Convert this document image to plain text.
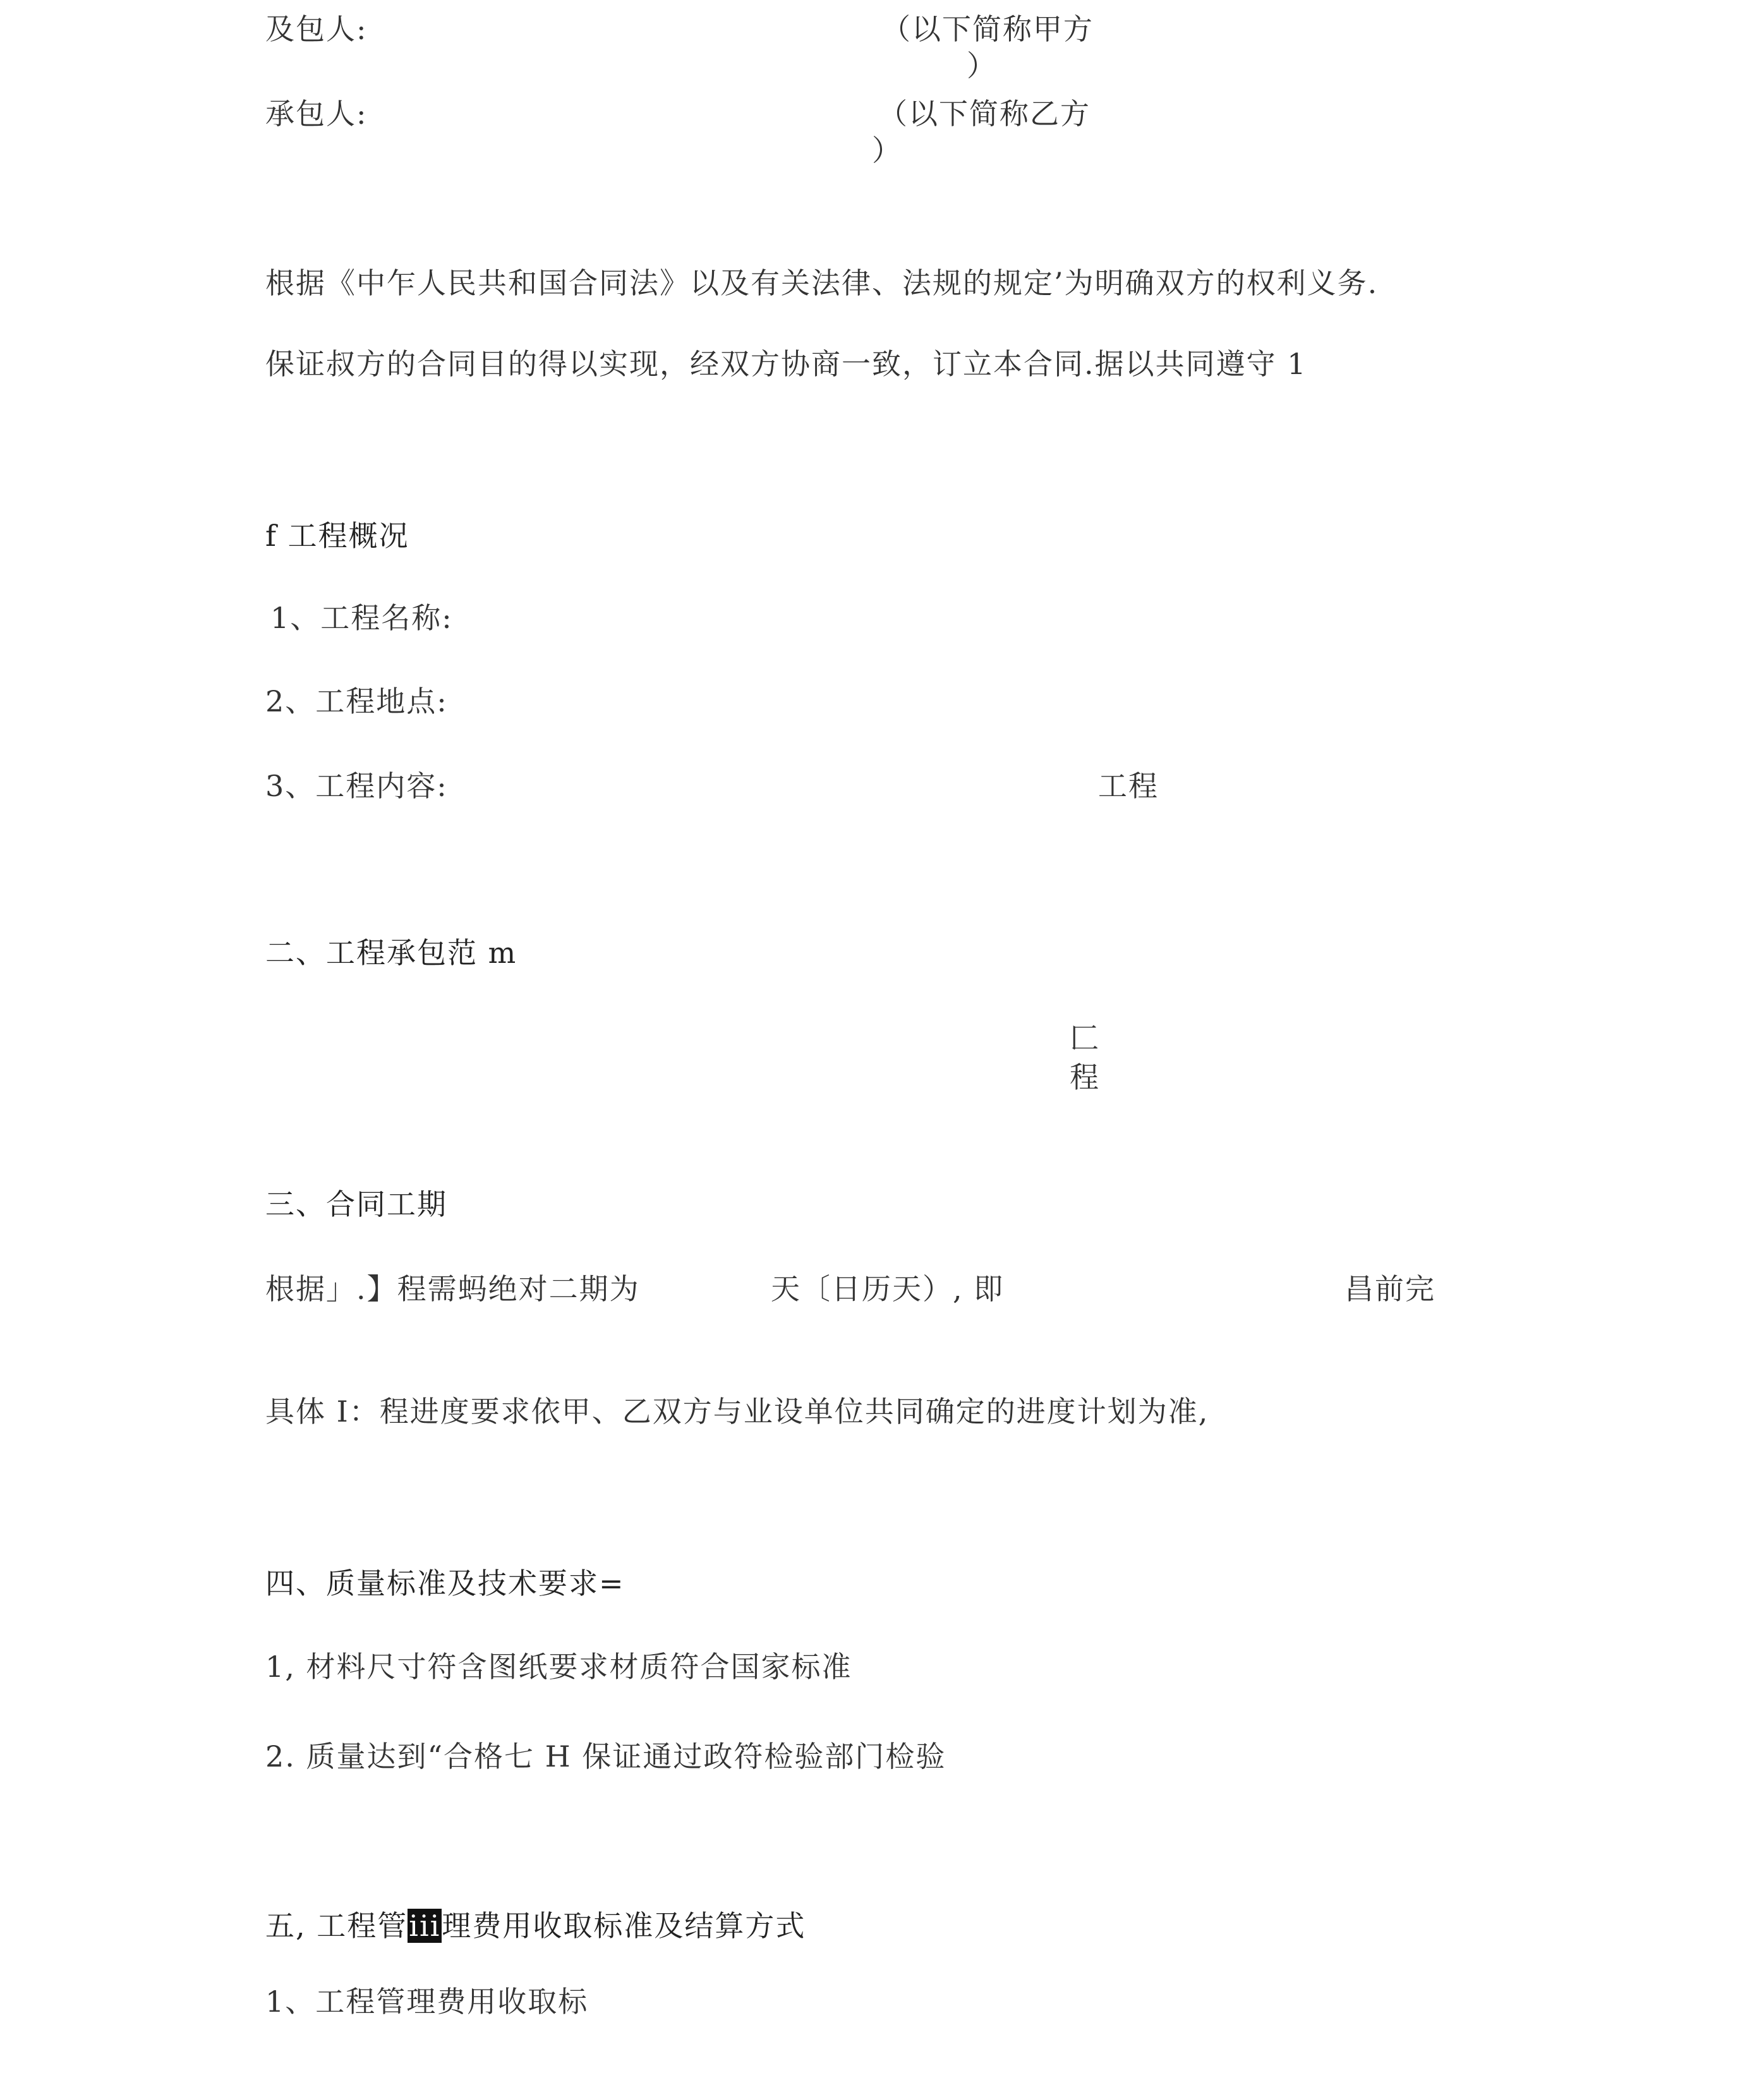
及包人:	（以下简称甲方
）
承包人:	（以下简称乙方
）
根据《中乍人民共和国合同法》以及有关法律、法规的规定’为明确双方的权利义务.
保证叔方的合同目的得以实现，经双方协商一致，订立本合同.据以共同遵守 1
f 工程概况
1、工程名称:
2、工程地点:
3、工程内容:	工程
二、工程承包范 m
匚
程
三、合同工期
根据」.】程需蚂绝对二期为	天〔日历天）, 即	昌前完
具体 I：程进度要求依甲、乙双方与业设单位共同确定的进度计划为准,
四、质量标准及技术要求=
1, 材料尺寸符含图纸要求材质符合国家标准
2. 质量达到“合格七 H 保证通过政符检验部门检验
五, 工程管iii理费用收取标准及结算方式
1、工程管理费用收取标
